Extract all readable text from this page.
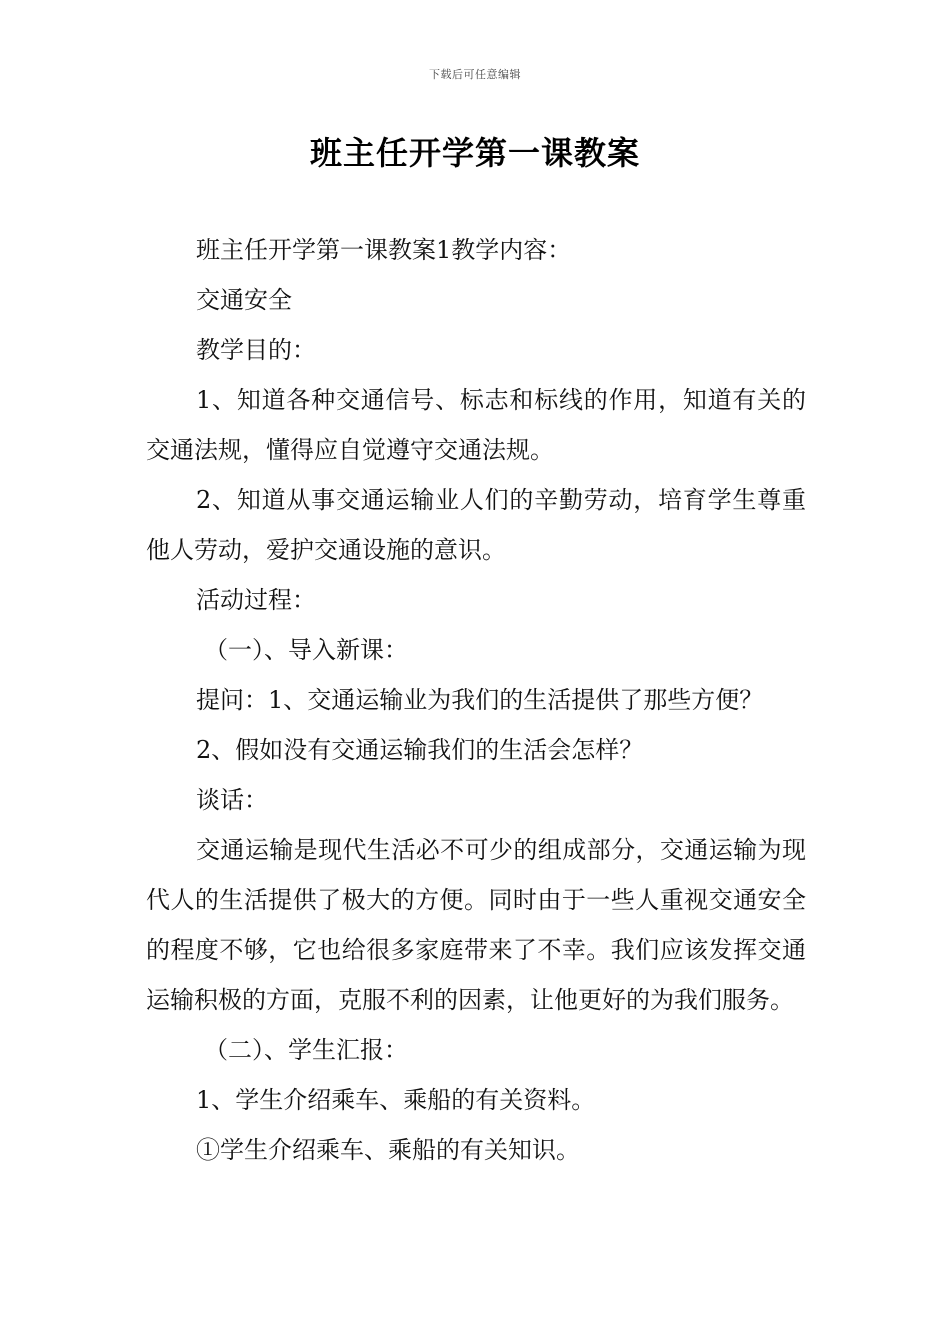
下载后可任意编辑
班主任开学第一课教案

班主任开学第一课教案1教学内容：

交通安全

教学目的：

1、知道各种交通信号、标志和标线的作用，知道有关的交通法规，懂得应自觉遵守交通法规。

2、知道从事交通运输业人们的辛勤劳动，培育学生尊重他人劳动，爱护交通设施的意识。

活动过程：

（一）、导入新课：

提问：1、交通运输业为我们的生活提供了那些方便？

2、假如没有交通运输我们的生活会怎样？

谈话：

交通运输是现代生活必不可少的组成部分，交通运输为现代人的生活提供了极大的方便。同时由于一些人重视交通安全的程度不够，它也给很多家庭带来了不幸。我们应该发挥交通运输积极的方面，克服不利的因素，让他更好的为我们服务。

（二）、学生汇报：

1、学生介绍乘车、乘船的有关资料。

①学生介绍乘车、乘船的有关知识。
